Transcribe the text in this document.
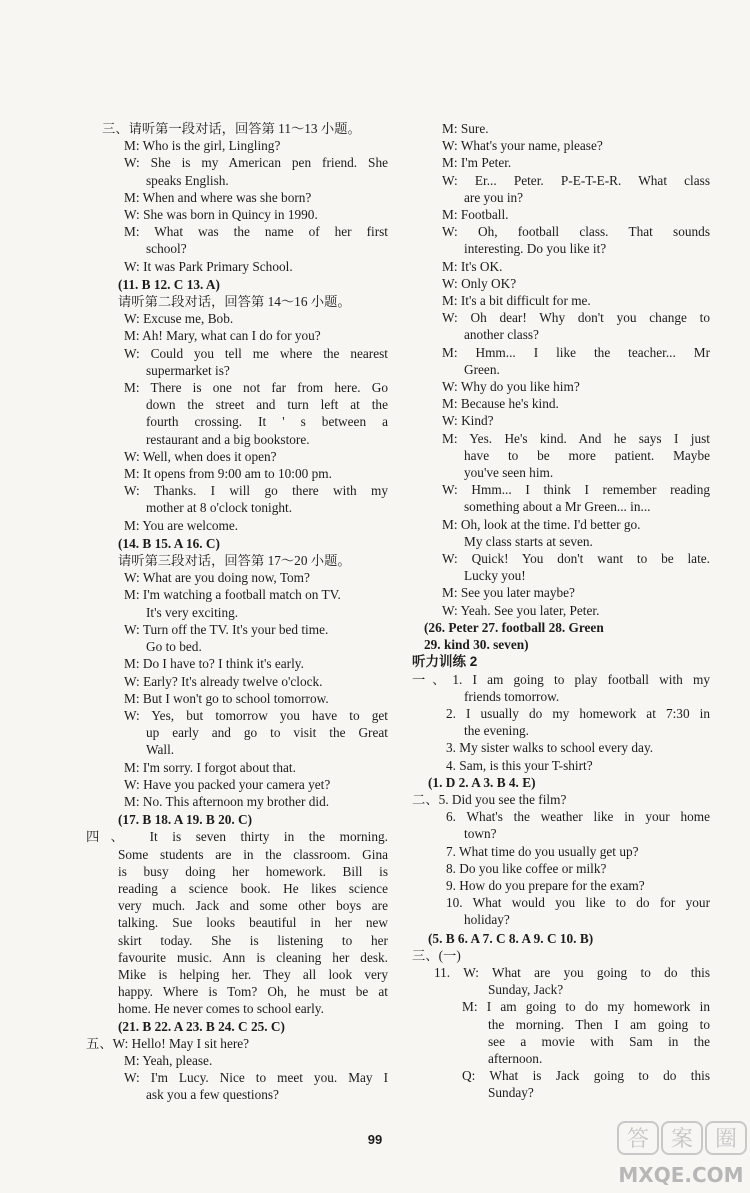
三、请听第一段对话，回答第 11～13 小题。
M: Who is the girl, Lingling?
W: She is my American pen friend. She
speaks English.
M: When and where was she born?
W: She was born in Quincy in 1990.
M: What was the name of her first
school?
W: It was Park Primary School.
(11. B 12. C 13. A)
请听第二段对话，回答第 14～16 小题。
W: Excuse me, Bob.
M: Ah! Mary, what can I do for you?
W: Could you tell me where the nearest
supermarket is?
M: There is one not far from here. Go
down the street and turn left at the
fourth crossing. It ' s between a
restaurant and a big bookstore.
W: Well, when does it open?
M: It opens from 9:00 am to 10:00 pm.
W: Thanks. I will go there with my
mother at 8 o'clock tonight.
M: You are welcome.
(14. B 15. A 16. C)
请听第三段对话，回答第 17～20 小题。
W: What are you doing now, Tom?
M: I'm watching a football match on TV.
It's very exciting.
W: Turn off the TV. It's your bed time.
Go to bed.
M: Do I have to? I think it's early.
W: Early? It's already twelve o'clock.
M: But I won't go to school tomorrow.
W: Yes, but tomorrow you have to get
up early and go to visit the Great
Wall.
M: I'm sorry. I forgot about that.
W: Have you packed your camera yet?
M: No. This afternoon my brother did.
(17. B 18. A 19. B 20. C)
四、 It is seven thirty in the morning.
Some students are in the classroom. Gina
is busy doing her homework. Bill is
reading a science book. He likes science
very much. Jack and some other boys are
talking. Sue looks beautiful in her new
skirt today. She is listening to her
favourite music. Ann is cleaning her desk.
Mike is helping her. They all look very
happy. Where is Tom? Oh, he must be at
home. He never comes to school early.
(21. B 22. A 23. B 24. C 25. C)
五、W: Hello! May I sit here?
M: Yeah, please.
W: I'm Lucy. Nice to meet you. May I
ask you a few questions?
M: Sure.
W: What's your name, please?
M: I'm Peter.
W: Er... Peter. P-E-T-E-R. What class
are you in?
M: Football.
W: Oh, football class. That sounds
interesting. Do you like it?
M: It's OK.
W: Only OK?
M: It's a bit difficult for me.
W: Oh dear! Why don't you change to
another class?
M: Hmm... I like the teacher... Mr
Green.
W: Why do you like him?
M: Because he's kind.
W: Kind?
M: Yes. He's kind. And he says I just
have to be more patient. Maybe
you've seen him.
W: Hmm... I think I remember reading
something about a Mr Green... in...
M: Oh, look at the time. I'd better go.
My class starts at seven.
W: Quick! You don't want to be late.
Lucky you!
M: See you later maybe?
W: Yeah. See you later, Peter.
(26. Peter 27. football 28. Green
29. kind 30. seven)
听力训练 2
一、1. I am going to play football with my
friends tomorrow.
2. I usually do my homework at 7:30 in
the evening.
3. My sister walks to school every day.
4. Sam, is this your T-shirt?
(1. D 2. A 3. B 4. E)
二、5. Did you see the film?
6. What's the weather like in your home
town?
7. What time do you usually get up?
8. Do you like coffee or milk?
9. How do you prepare for the exam?
10. What would you like to do for your
holiday?
(5. B 6. A 7. C 8. A 9. C 10. B)
三、(一)
11. W: What are you going to do this
Sunday, Jack?
M: I am going to do my homework in
the morning. Then I am going to
see a movie with Sam in the
afternoon.
Q: What is Jack going to do this
Sunday?
99	答 案 圈
MXQE.COM
